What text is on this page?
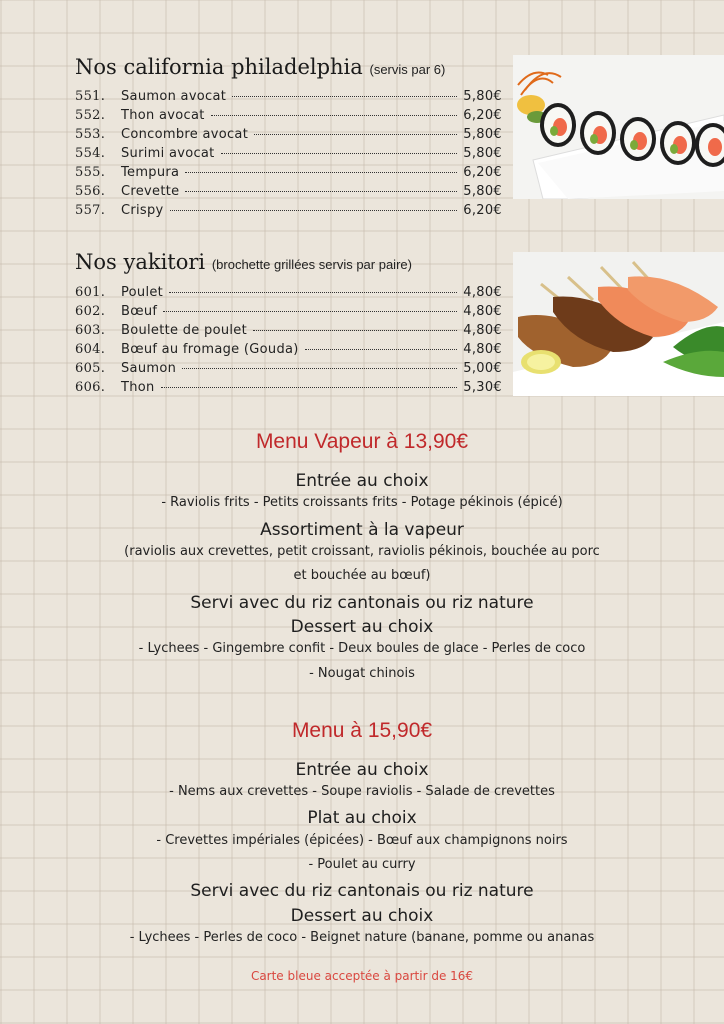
Nos california philadelphia (servis par 6)
551.	Saumon avocat	5,80€
552.	Thon avocat	6,20€
553.	Concombre avocat	5,80€
554.	Surimi avocat	5,80€
555.	Tempura	6,20€
556.	Crevette	5,80€
557.	Crispy	6,20€
Nos yakitori (brochette grillées servis par paire)
601.	Poulet	4,80€
602.	Bœuf	4,80€
603.	Boulette de poulet	4,80€
604.	Bœuf au fromage (Gouda)	4,80€
605.	Saumon	5,00€
606.	Thon	5,30€
Menu Vapeur à 13,90€
Entrée au choix
- Raviolis frits - Petits croissants frits - Potage pékinois (épicé)
Assortiment à la vapeur
(raviolis aux crevettes, petit croissant, raviolis pékinois, bouchée au porc
et bouchée au bœuf)
Servi avec du riz cantonais ou riz nature
Dessert au choix
- Lychees - Gingembre confit - Deux boules de glace - Perles de coco
- Nougat chinois
Menu à 15,90€
Entrée au choix
- Nems aux crevettes - Soupe raviolis - Salade de crevettes
Plat au choix
- Crevettes impériales (épicées) - Bœuf aux champignons noirs
- Poulet au curry
Servi avec du riz cantonais ou riz nature
Dessert au choix
- Lychees - Perles de coco - Beignet nature (banane, pomme ou ananas
Carte bleue acceptée à partir de 16€
